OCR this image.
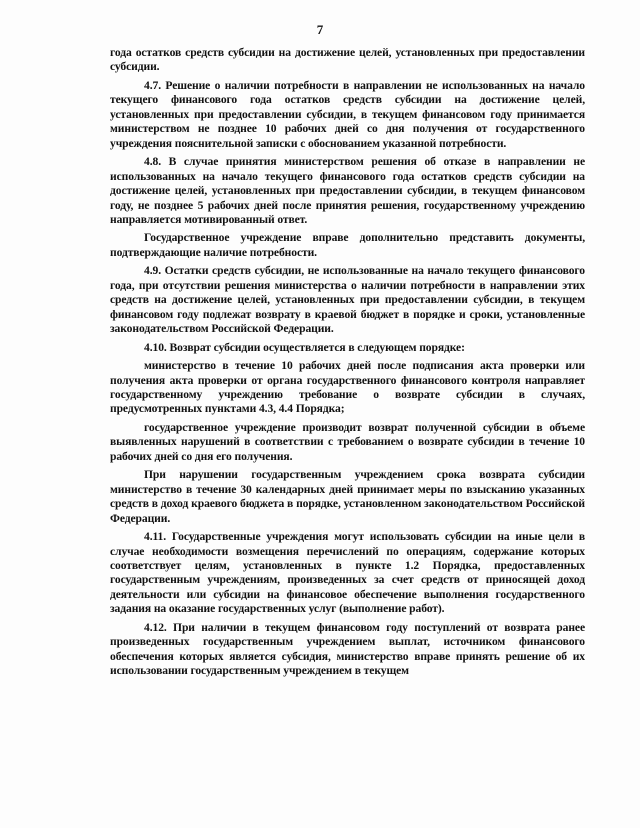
7

года остатков средств субсидии на достижение целей, установленных при предоставлении субсидии.

4.7. Решение о наличии потребности в направлении не использованных на начало текущего финансового года остатков средств субсидии на достижение целей, установленных при предоставлении субсидии, в текущем финансовом году принимается министерством не позднее 10 рабочих дней со дня получения от государственного учреждения пояснительной записки с обоснованием указанной потребности.

4.8. В случае принятия министерством решения об отказе в направлении не использованных на начало текущего финансового года остатков средств субсидии на достижение целей, установленных при предоставлении субсидии, в текущем финансовом году, не позднее 5 рабочих дней после принятия решения, государственному учреждению направляется мотивированный ответ.

Государственное учреждение вправе дополнительно представить документы, подтверждающие наличие потребности.

4.9. Остатки средств субсидии, не использованные на начало текущего финансового года, при отсутствии решения министерства о наличии потребности в направлении этих средств на достижение целей, установленных при предоставлении субсидии, в текущем финансовом году подлежат возврату в краевой бюджет в порядке и сроки, установленные законодательством Российской Федерации.

4.10. Возврат субсидии осуществляется в следующем порядке:

министерство в течение 10 рабочих дней после подписания акта проверки или получения акта проверки от органа государственного финансового контроля направляет государственному учреждению требование о возврате субсидии в случаях, предусмотренных пунктами 4.3, 4.4 Порядка;

государственное учреждение производит возврат полученной субсидии в объеме выявленных нарушений в соответствии с требованием о возврате субсидии в течение 10 рабочих дней со дня его получения.

При нарушении государственным учреждением срока возврата субсидии министерство в течение 30 календарных дней принимает меры по взысканию указанных средств в доход краевого бюджета в порядке, установленном законодательством Российской Федерации.

4.11. Государственные учреждения могут использовать субсидии на иные цели в случае необходимости возмещения перечислений по операциям, содержание которых соответствует целям, установленных в пункте 1.2 Порядка, предоставленных государственным учреждениям, произведенных за счет средств от приносящей доход деятельности или субсидии на финансовое обеспечение выполнения государственного задания на оказание государственных услуг (выполнение работ).

4.12. При наличии в текущем финансовом году поступлений от возврата ранее произведенных государственным учреждением выплат, источником финансового обеспечения которых является субсидия, министерство вправе принять решение об их использовании государственным учреждением в текущем
